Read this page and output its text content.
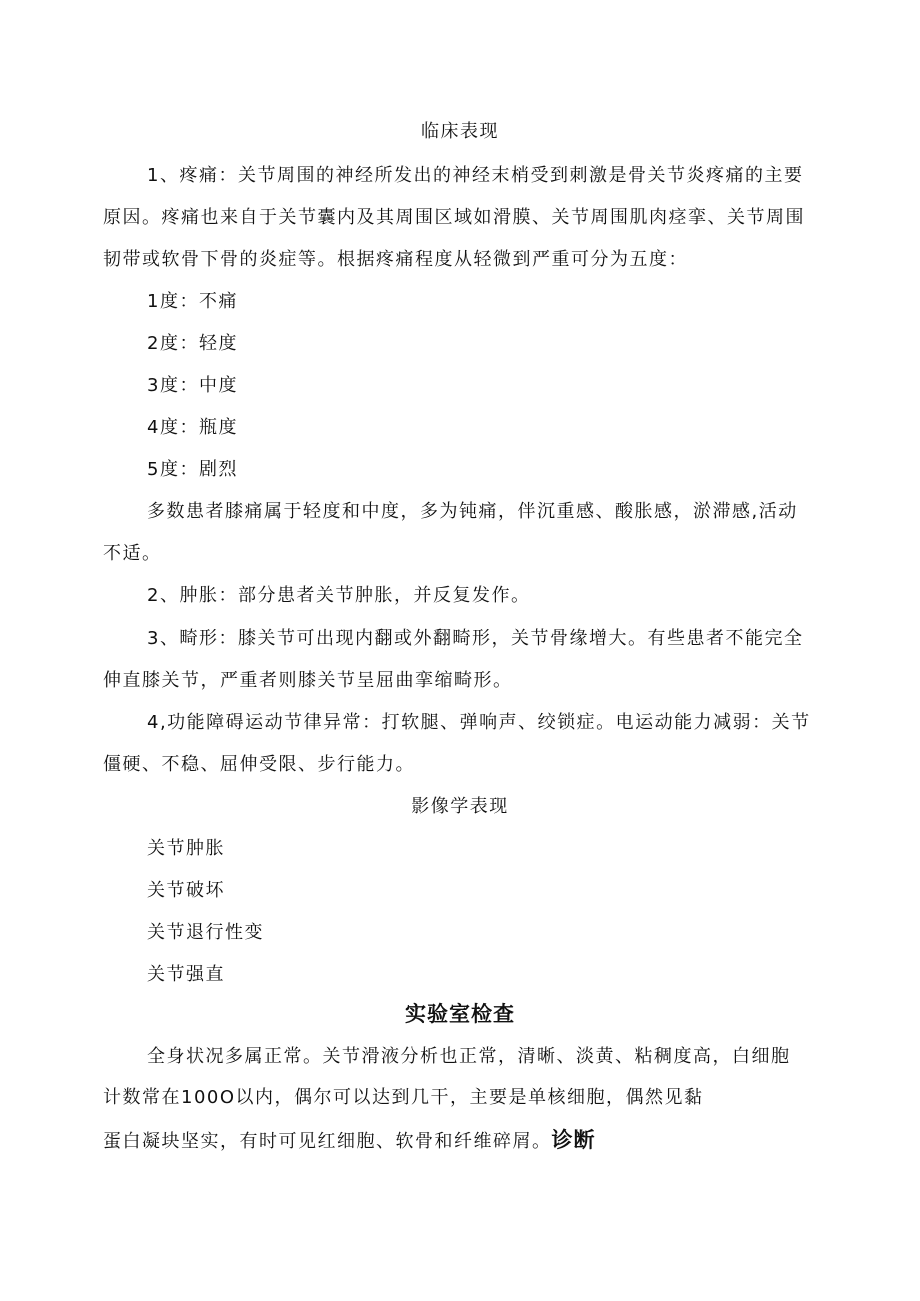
临床表现
1、疼痛：关节周围的神经所发出的神经末梢受到刺激是骨关节炎疼痛的主要
原因。疼痛也来自于关节囊内及其周围区域如滑膜、关节周围肌肉痉挛、关节周围
韧带或软骨下骨的炎症等。根据疼痛程度从轻微到严重可分为五度：
1度：不痛
2度：轻度
3度：中度
4度：瓶度
5度：剧烈
多数患者膝痛属于轻度和中度，多为钝痛，伴沉重感、酸胀感，淤滞感,活动
不适。
2、肿胀：部分患者关节肿胀，并反复发作。
3、畸形：膝关节可出现内翻或外翻畸形，关节骨缘增大。有些患者不能完全
伸直膝关节，严重者则膝关节呈屈曲挛缩畸形。
4,功能障碍运动节律异常：打软腿、弹响声、绞锁症。电运动能力减弱：关节
僵硬、不稳、屈伸受限、步行能力。
影像学表现
关节肿胀
关节破坏
关节退行性变
关节强直
实验室检查
全身状况多属正常。关节滑液分析也正常，清晰、淡黄、粘稠度高，白细胞
计数常在100O以内，偶尔可以达到几干，主要是单核细胞，偶然见黏
蛋白凝块坚实，有时可见红细胞、软骨和纤维碎屑。诊断
